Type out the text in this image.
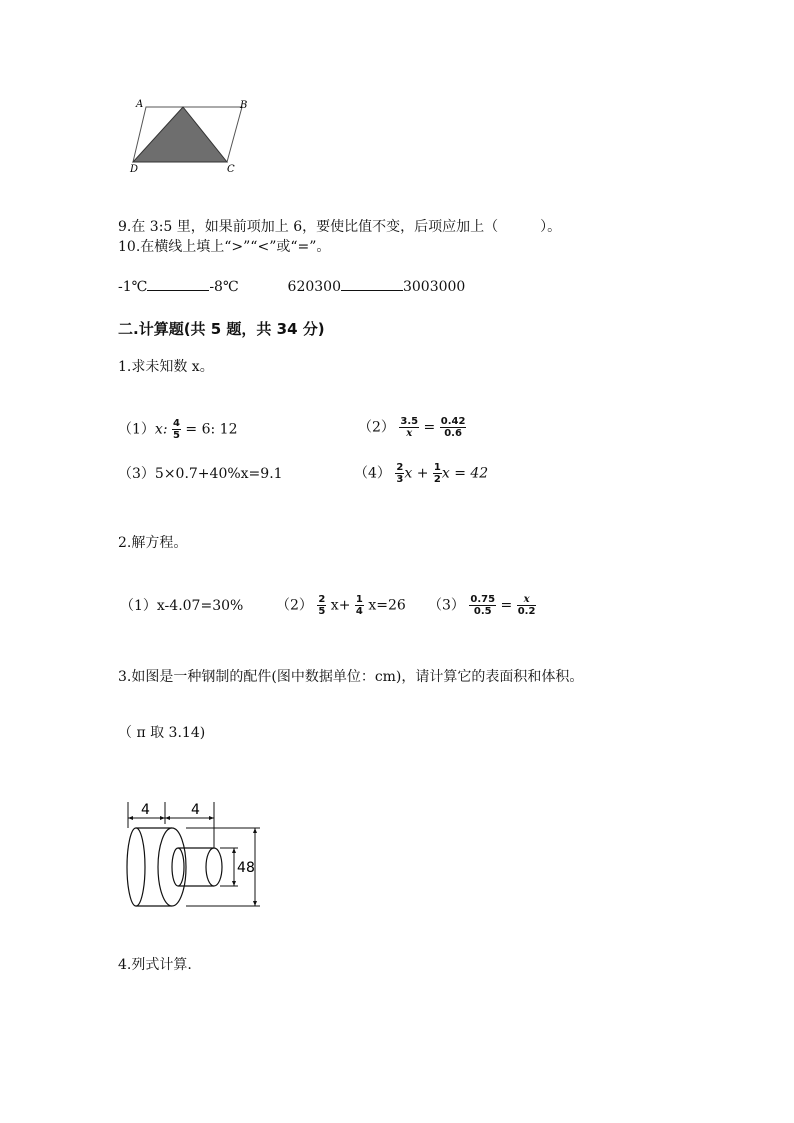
A	B
C
D
9.在 3:5 里，如果前项加上 6，要使比值不变，后项应加上（　　　）。
10.在横线上填上“>”“<”或“=”。
-1℃	-8℃	620300	3003000
二.计算题(共 5 题，共 34 分)
1.求未知数 x。
（1）x: $\frac{4}{5} = 6$: 12	$(2) \frac{3.5}{x} = \frac{0.42}{0.6}$
（3）5×0.7+40%x=9.1	$(4) \frac{2}{3}$ $x + \frac{1}{2}$ x = 42
2.解方程。
（1）x-4.07=30% $(2) \frac{2}{5} x+ \frac{1}{4} x=26$ $(3) \frac{0.75}{0.5} = \frac{x}{0.2}$
3.如图是一种钢制的配件(图中数据单位：cm)，请计算它的表面积和体积。
（ π 取 3.14)
4	4
4 8
4.列式计算.
